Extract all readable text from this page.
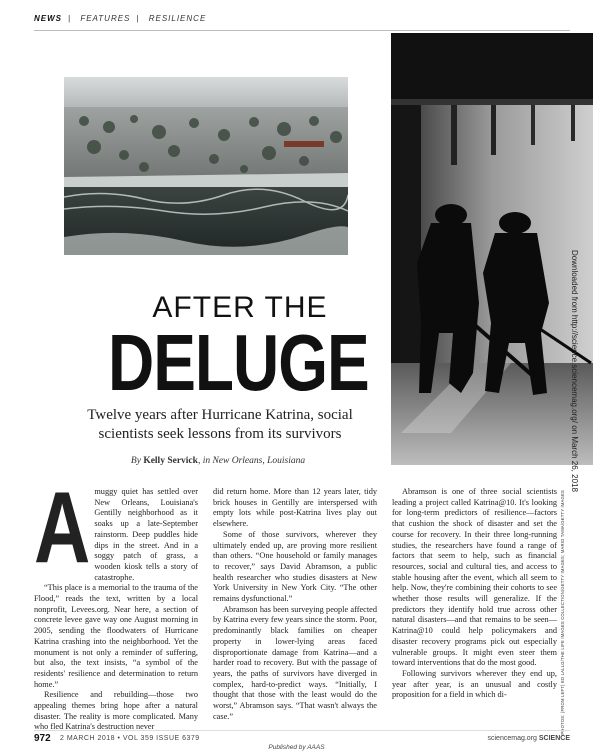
NEWS | FEATURES | RESILIENCE
Downloaded from http://science.sciencemag.org/ on March 26, 2018
PHOTOS: (FROM LEFT) ED LALLO/THE LIFE IMAGES COLLECTION/GETTY IMAGES; MARIO TAMA/GETTY IMAGES
AFTER THE
DELUGE
Twelve years after Hurricane Katrina, social scientists seek lessons from its survivors
By Kelly Servick, in New Orleans, Louisiana
A muggy quiet has settled over New Orleans, Louisiana's Gentilly neighborhood as it soaks up a late-September rainstorm. Deep puddles hide dips in the street. And in a soggy patch of grass, a wooden kiosk tells a story of catastrophe.

“This place is a memorial to the trauma of the Flood,” reads the text, written by a local nonprofit, Levees.org. Near here, a section of concrete levee gave way one August morning in 2005, sending the floodwaters of Hurricane Katrina crashing into the neighborhood. Yet the monument is not only a reminder of suffering, but also, the text insists, “a symbol of the residents' resilience and determination to return home.”

Resilience and rebuilding—those two appealing themes bring hope after a natural disaster. The reality is more complicated. Many who fled Katrina's destruction never

did return home. More than 12 years later, tidy brick houses in Gentilly are interspersed with empty lots while post-Katrina lives play out elsewhere.

Some of those survivors, wherever they ultimately ended up, are proving more resilient than others. “One household or family manages to recover,” says David Abramson, a public health researcher who studies disasters at New York University in New York City. “The other remains dysfunctional.”

Abramson has been surveying people affected by Katrina every few years since the storm. Poor, predominantly black families on cheaper property in lower-lying areas faced disproportionate damage from Katrina—and a harder road to recovery. But with the passage of years, the paths of survivors have diverged in complex, hard-to-predict ways. “Initially, I thought that those with the least would do the worst,” Abramson says. “That wasn't always the case.”

Abramson is one of three social scientists leading a project called Katrina@10. It's looking for long-term predictors of resilience—factors that cushion the shock of disaster and set the course for recovery. In their three long-running studies, the researchers have found a range of factors that seem to help, such as financial resources, social and cultural ties, and access to stable housing after the event, which all seem to help. Now, they're combining their cohorts to see whether those results will generalize. If the predictors they identify hold true across other natural disasters—and that remains to be seen—Katrina@10 could help policymakers and disaster recovery programs pick out especially vulnerable groups. It might even steer them toward interventions that do the most good.

Following survivors wherever they end up, year after year, is an unusual and costly proposition for a field in which di-

972 2 MARCH 2018 • VOL 359 ISSUE 6379	sciencemag.org SCIENCE
Published by AAAS
